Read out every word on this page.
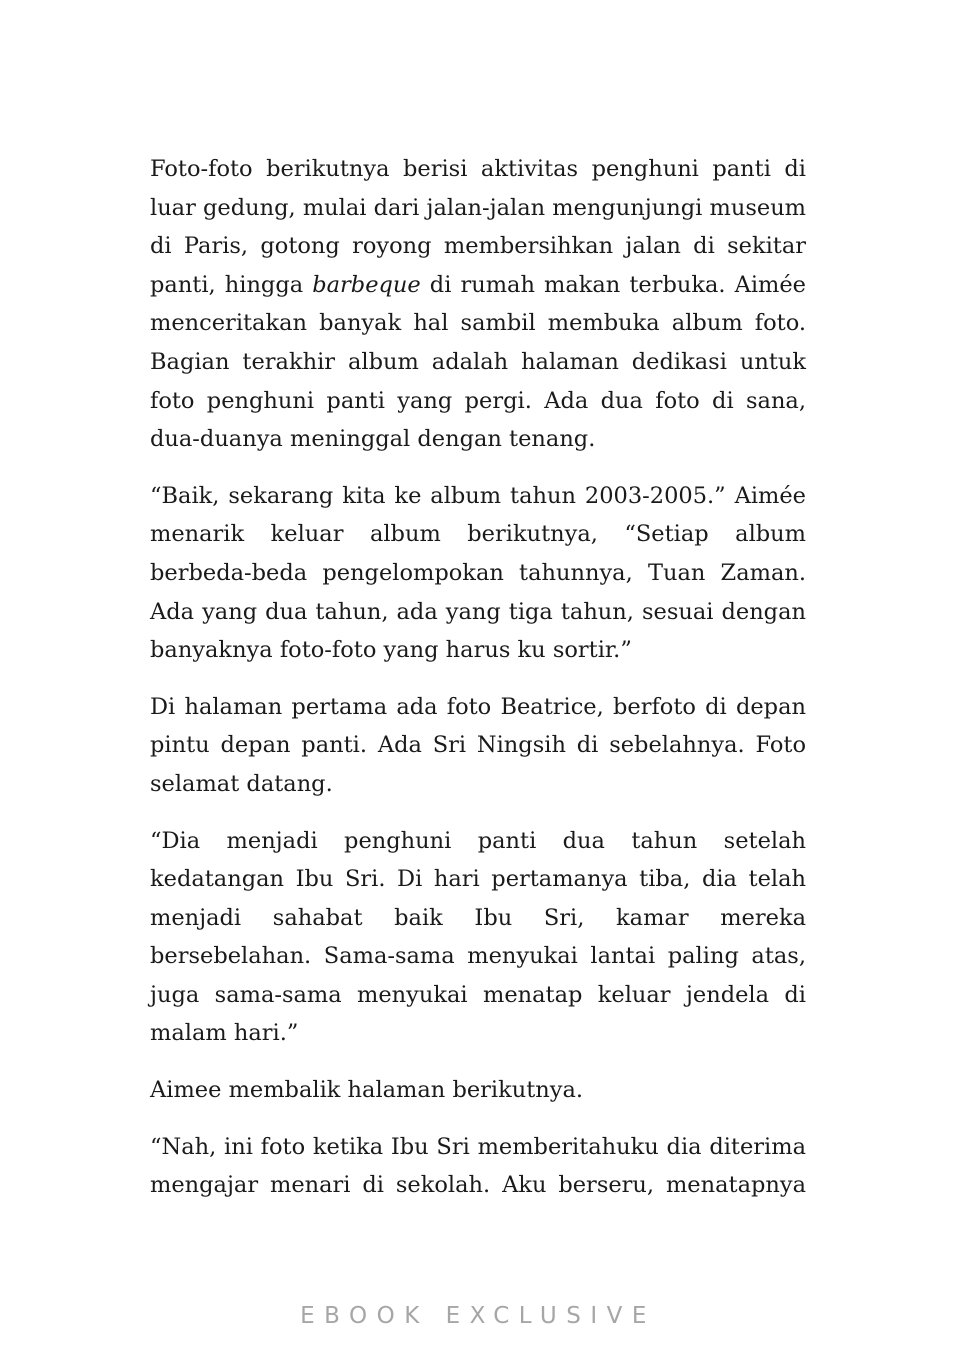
Foto-foto berikutnya berisi aktivitas penghuni panti di luar gedung, mulai dari jalan-jalan mengunjungi museum di Paris, gotong royong membersihkan jalan di sekitar panti, hingga barbeque di rumah makan terbuka. Aimée menceritakan banyak hal sambil membuka album foto. Bagian terakhir album adalah halaman dedikasi untuk foto penghuni panti yang pergi. Ada dua foto di sana, dua-duanya meninggal dengan tenang.

“Baik, sekarang kita ke album tahun 2003-2005.” Aimée menarik keluar album berikutnya, “Setiap album berbeda-beda pengelompokan tahunnya, Tuan Zaman. Ada yang dua tahun, ada yang tiga tahun, sesuai dengan banyaknya foto-foto yang harus ku sortir.”

Di halaman pertama ada foto Beatrice, berfoto di depan pintu depan panti. Ada Sri Ningsih di sebelahnya. Foto selamat datang.

“Dia menjadi penghuni panti dua tahun setelah kedatangan Ibu Sri. Di hari pertamanya tiba, dia telah menjadi sahabat baik Ibu Sri, kamar mereka bersebelahan. Sama-sama menyukai lantai paling atas, juga sama-sama menyukai menatap keluar jendela di malam hari.”

Aimee membalik halaman berikutnya.

“Nah, ini foto ketika Ibu Sri memberitahuku dia diterima mengajar menari di sekolah. Aku berseru, menatapnya

EBOOK EXCLUSIVE
